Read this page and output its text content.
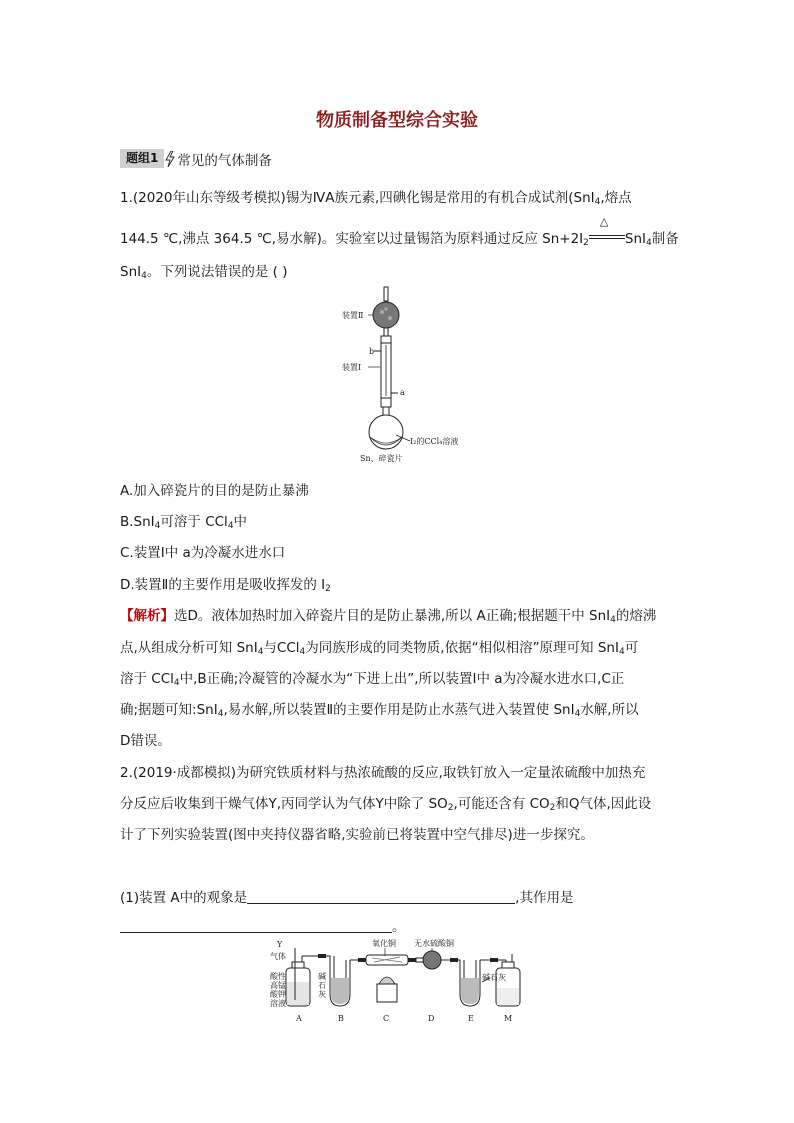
物质制备型综合实验
题组1	常见的气体制备
1.(2020年山东等级考模拟)锡为ⅣA族元素,四碘化锡是常用的有机合成试剂(SnI$_4$,熔点
144.5 ℃,沸点 364.5 ℃,易水解)。实验室以过量锡箔为原料通过反应 $Sn+2I_2$
△
SnI$_4$制备
SnI$_4$。下列说法错误的是 ( )
装置Ⅱ
b
装置Ⅰ
a
I₂的CCl₄溶液
Sn、碎瓷片
A.加入碎瓷片的目的是防止暴沸
B.SnI$_4$可溶于 CCl$_4$中
C.装置Ⅰ中 a为冷凝水进水口
D.装置Ⅱ的主要作用是吸收挥发的 $I_2$
【解析】选D。液体加热时加入碎瓷片目的是防止暴沸,所以 A正确;根据题干中 SnI$_4$的熔沸
点,从组成分析可知 SnI$_4$与CCl$_4$为同族形成的同类物质,依据“相似相溶”原理可知 SnI$_4$可
溶于 CCl$_4$中,B正确;冷凝管的冷凝水为“下进上出”,所以装置Ⅰ中 a为冷凝水进水口,C正
确;据题可知:SnI$_4$,易水解,所以装置Ⅱ的主要作用是防止水蒸气进入装置使 SnI$_4$水解,所以
D错误。
2.(2019·成都模拟)为研究铁质材料与热浓硫酸的反应,取铁钉放入一定量浓硫酸中加热充
分反应后收集到干燥气体Y,丙同学认为气体Y中除了 $SO_2$,可能还含有 $CO_2$和Q气体,因此设
计了下列实验装置(图中夹持仪器省略,实验前已将装置中空气排尽)进一步探究。
(1)装置 A中的观象是	,其作用是
。
Y
气体
酸性
高锰
酸钾
溶液
碱
石
灰
氧化铜 无水硫酸铜
碱石灰
A	B	C	D	E	M
